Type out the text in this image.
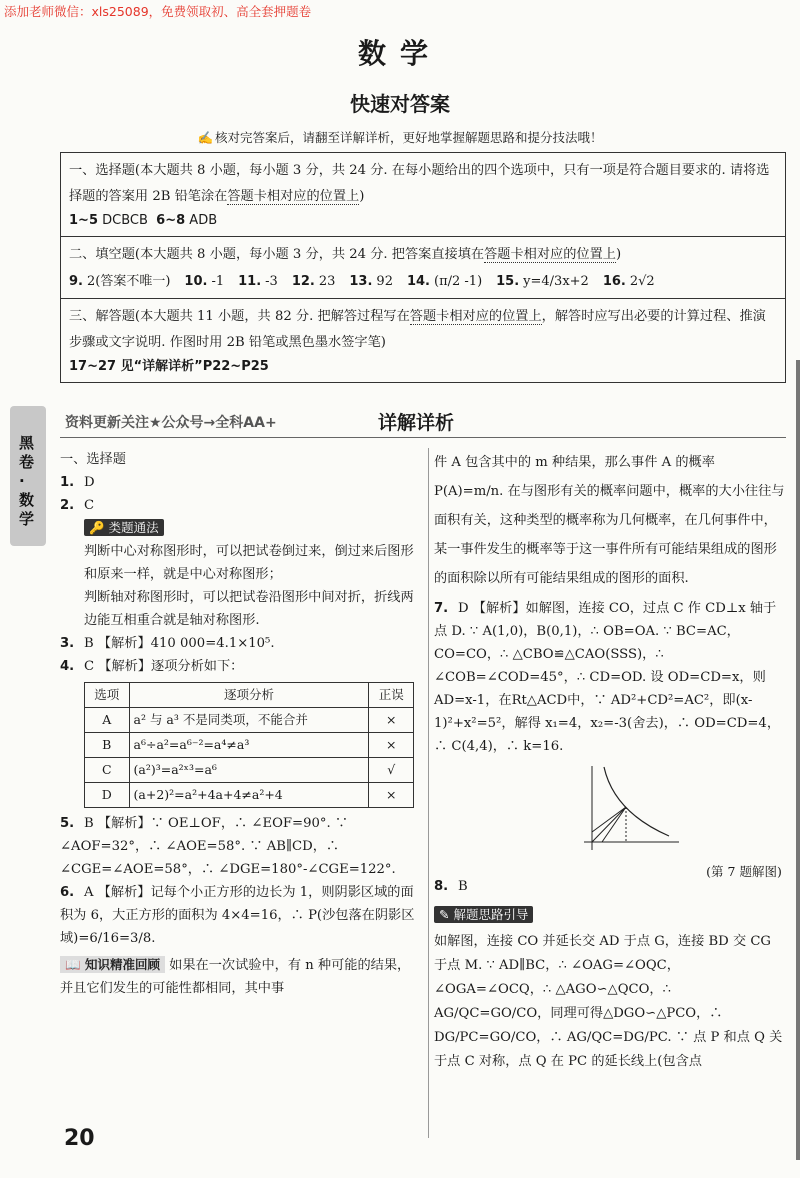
添加老师微信：xls25089，免费领取初、高全套押题卷
数学
快速对答案
✍ 核对完答案后，请翻至详解详析，更好地掌握解题思路和提分技法哦！
一、选择题(本大题共 8 小题，每小题 3 分，共 24 分. 在每小题给出的四个选项中，只有一项是符合题目要求的. 请将选择题的答案用 2B 铅笔涂在答题卡相对应的位置上)
1~5 DCBCB 6~8 ADB
二、填空题(本大题共 8 小题，每小题 3 分，共 24 分. 把答案直接填在答题卡相对应的位置上)
9. 2(答案不唯一) 10. -1 11. -3 12. 23 13. 92 14. (π/2 -1) 15. y=4/3x+2 16. 2√2
三、解答题(本大题共 11 小题，共 82 分. 把解答过程写在答题卡相对应的位置上，解答时应写出必要的计算过程、推演步骤或文字说明. 作图时用 2B 铅笔或黑色墨水签字笔)
17~27 见“详解详析”P22~P25
黑卷·数学
资料更新关注★公众号→全科AA+	详解详析
一、选择题
1. D
2. C
🔑 类题通法
判断中心对称图形时，可以把试卷倒过来，倒过来后图形和原来一样，就是中心对称图形；
判断轴对称图形时，可以把试卷沿图形中间对折，折线两边能互相重合就是轴对称图形.
3. B 【解析】410 000=4.1×10⁵.
4. C 【解析】逐项分析如下：
选项	逐项分析	正误
A	a² 与 a³ 不是同类项，不能合并	×
B	a⁶÷a²=a⁶⁻²=a⁴≠a³	×
C	(a²)³=a²ˣ³=a⁶	√
D	(a+2)²=a²+4a+4≠a²+4	×
5. B 【解析】∵ OE⊥OF，∴ ∠EOF=90°. ∵ ∠AOF=32°，∴ ∠AOE=58°. ∵ AB∥CD，∴ ∠CGE=∠AOE=58°，∴ ∠DGE=180°-∠CGE=122°.
6. A 【解析】记每个小正方形的边长为 1，则阴影区域的面积为 6，大正方形的面积为 4×4=16，∴ P(沙包落在阴影区域)=6/16=3/8.
📖 知识精准回顾 如果在一次试验中，有 n 种可能的结果，并且它们发生的可能性都相同，其中事
件 A 包含其中的 m 种结果，那么事件 A 的概率 P(A)=m/n. 在与图形有关的概率问题中，概率的大小往往与面积有关，这种类型的概率称为几何概率，在几何事件中，某一事件发生的概率等于这一事件所有可能结果组成的图形的面积除以所有可能结果组成的图形的面积.
7. D 【解析】如解图，连接 CO，过点 C 作 CD⊥x 轴于点 D. ∵ A(1,0)，B(0,1)，∴ OB=OA. ∵ BC=AC，CO=CO，∴ △CBO≌△CAO(SSS)，∴ ∠COB=∠COD=45°，∴ CD=OD. 设 OD=CD=x，则 AD=x-1，在Rt△ACD中，∵ AD²+CD²=AC²，即(x-1)²+x²=5²，解得 x₁=4，x₂=-3(舍去)，∴ OD=CD=4，∴ C(4,4)，∴ k=16.
(第 7 题解图)
8. B
✎ 解题思路引导
如解图，连接 CO 并延长交 AD 于点 G，连接 BD 交 CG 于点 M. ∵ AD∥BC，∴ ∠OAG=∠OQC，∠OGA=∠OCQ，∴ △AGO∽△QCO，∴ AG/QC=GO/CO，同理可得△DGO∽△PCO，∴ DG/PC=GO/CO，∴ AG/QC=DG/PC. ∵ 点 P 和点 Q 关于点 C 对称，点 Q 在 PC 的延长线上(包含点
20
